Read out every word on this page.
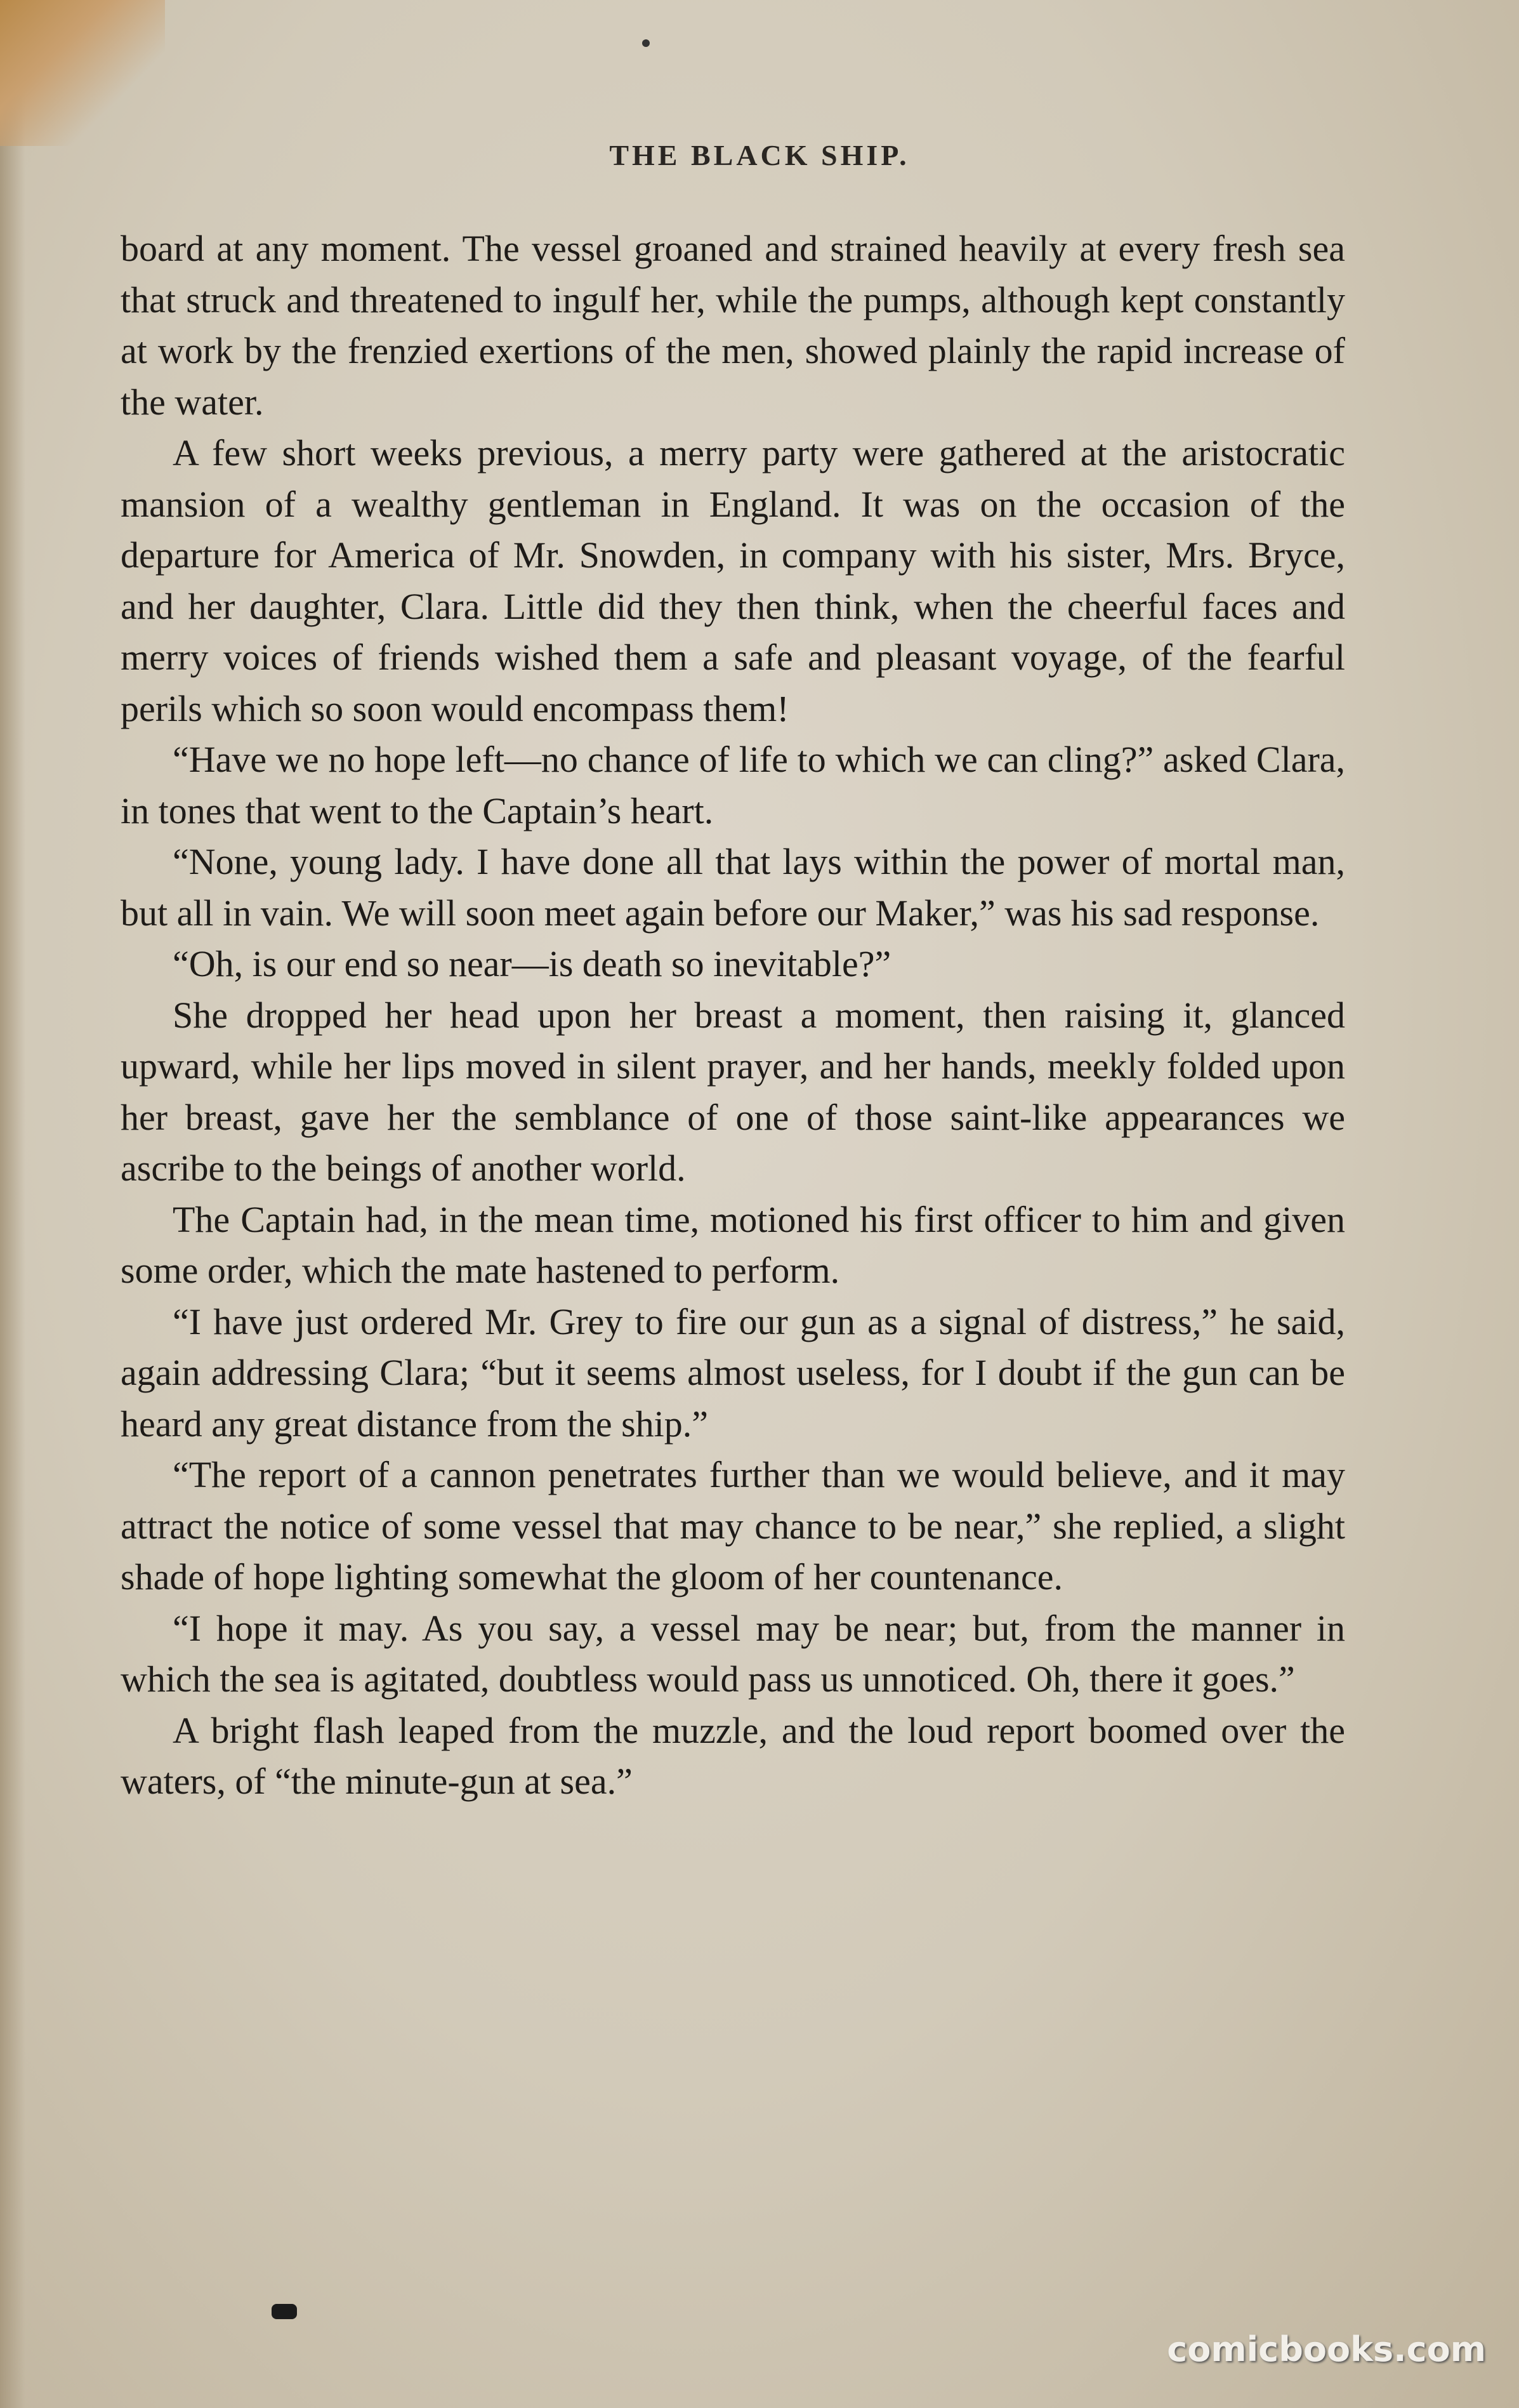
THE BLACK SHIP.

board at any moment. The vessel groaned and strained heavily at every fresh sea that struck and threatened to ingulf her, while the pumps, although kept constantly at work by the frenzied exertions of the men, showed plainly the rapid increase of the water.

A few short weeks previous, a merry party were gathered at the aristocratic mansion of a wealthy gentleman in England. It was on the occasion of the departure for America of Mr. Snowden, in company with his sister, Mrs. Bryce, and her daughter, Clara. Little did they then think, when the cheerful faces and merry voices of friends wished them a safe and pleasant voyage, of the fearful perils which so soon would encompass them!

“Have we no hope left—no chance of life to which we can cling?” asked Clara, in tones that went to the Captain’s heart.

“None, young lady. I have done all that lays within the power of mortal man, but all in vain. We will soon meet again before our Maker,” was his sad response.

“Oh, is our end so near—is death so inevitable?”

She dropped her head upon her breast a moment, then raising it, glanced upward, while her lips moved in silent prayer, and her hands, meekly folded upon her breast, gave her the semblance of one of those saint-like appearances we ascribe to the beings of another world.

The Captain had, in the mean time, motioned his first officer to him and given some order, which the mate hastened to perform.

“I have just ordered Mr. Grey to fire our gun as a signal of distress,” he said, again addressing Clara; “but it seems almost useless, for I doubt if the gun can be heard any great distance from the ship.”

“The report of a cannon penetrates further than we would believe, and it may attract the notice of some vessel that may chance to be near,” she replied, a slight shade of hope lighting somewhat the gloom of her countenance.

“I hope it may. As you say, a vessel may be near; but, from the manner in which the sea is agitated, doubtless would pass us unnoticed. Oh, there it goes.”

A bright flash leaped from the muzzle, and the loud report boomed over the waters, of “the minute-gun at sea.”

comicbooks.com
